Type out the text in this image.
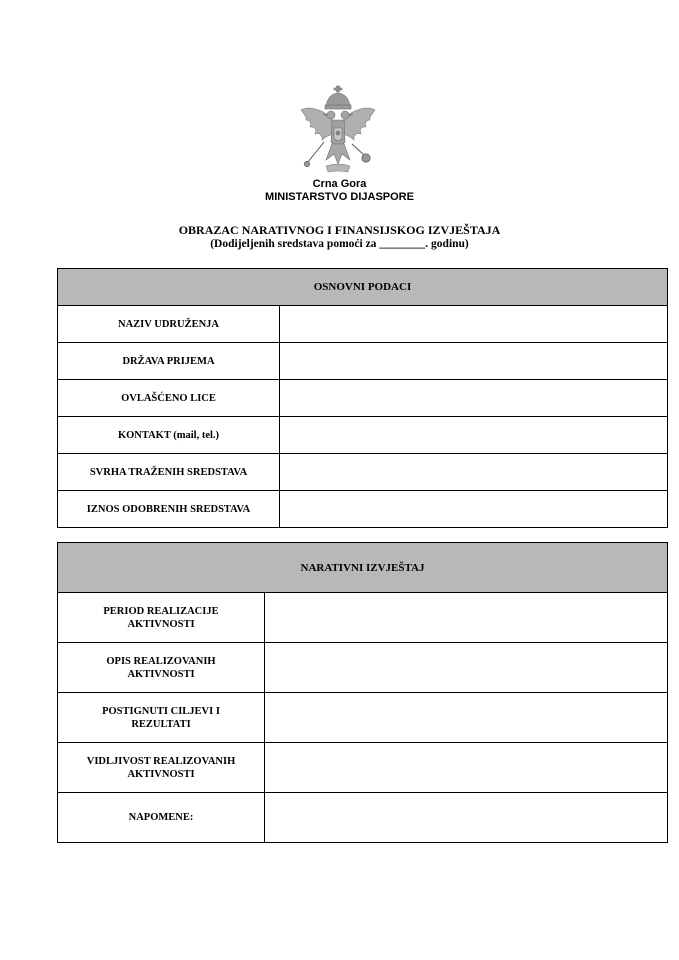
Crna Gora
MINISTARSTVO DIJASPORE
OBRAZAC NARATIVNOG I FINANSIJSKOG IZVJEŠTAJA
(Dodijeljenih sredstava pomoći za ________. godinu)
OSNOVNI PODACI	
NAZIV UDRUŽENJA	
DRŽAVA PRIJEMA	
OVLAŠĆENO LICE	
KONTAKT (mail, tel.)	
SVRHA TRAŽENIH SREDSTAVA	
IZNOS ODOBRENIH SREDSTAVA	
NARATIVNI IZVJEŠTAJ	
PERIOD REALIZACIJE
AKTIVNOSTI	
OPIS REALIZOVANIH
AKTIVNOSTI	
POSTIGNUTI CILJEVI I
REZULTATI	
VIDLJIVOST REALIZOVANIH
AKTIVNOSTI	
NAPOMENE:	
